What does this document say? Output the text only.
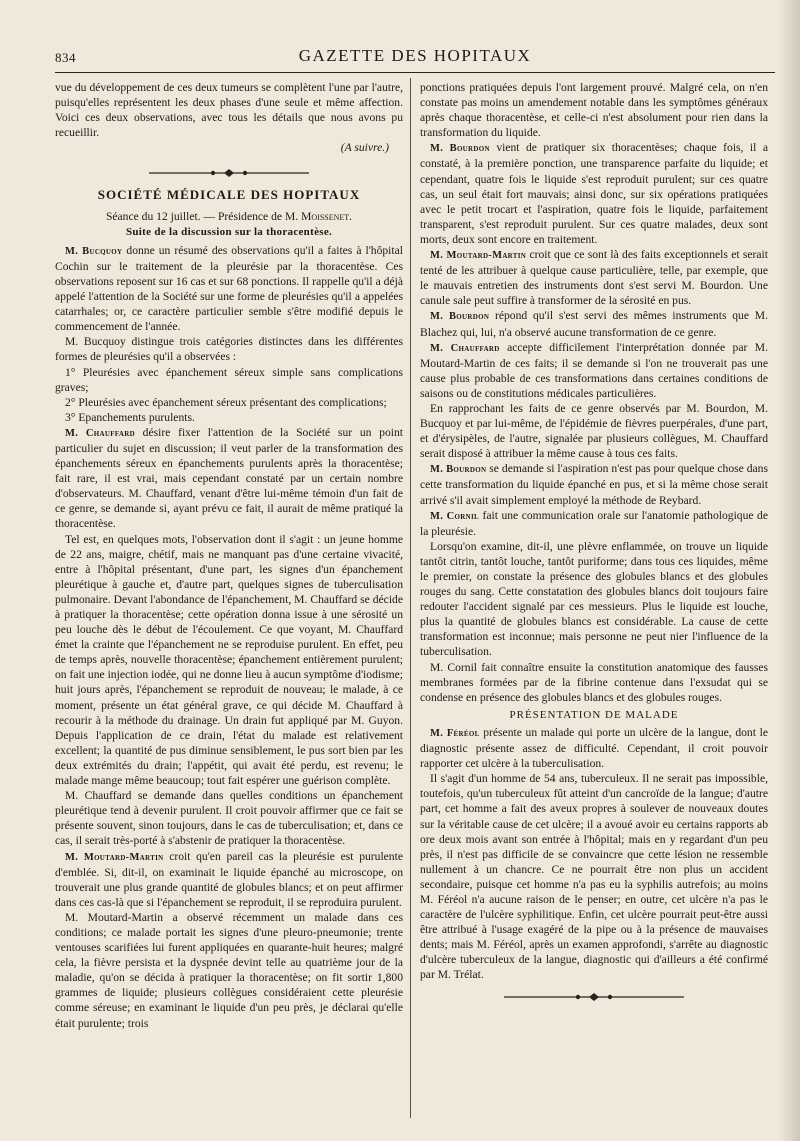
834	GAZETTE DES HOPITAUX

vue du développement de ces deux tumeurs se complètent l'une par l'autre, puisqu'elles représentent les deux phases d'une seule et même affection. Voici ces deux observations, avec tous les détails que nous avons pu recueillir.

(A suivre.)

SOCIÉTÉ MÉDICALE DES HOPITAUX

Séance du 12 juillet. — Présidence de M. Moissenet.

Suite de la discussion sur la thoracentèse.

M. Bucquoy donne un résumé des observations qu'il a faites à l'hôpital Cochin sur le traitement de la pleurésie par la thoracentèse. Ces observations reposent sur 16 cas et sur 68 ponctions. Il rappelle qu'il a déjà appelé l'attention de la Société sur une forme de pleurésies qu'il a appelées catarrhales; or, ce caractère particulier semble s'être modifié depuis le commencement de l'année.

M. Bucquoy distingue trois catégories distinctes dans les différentes formes de pleurésies qu'il a observées :

1° Pleurésies avec épanchement séreux simple sans complications graves;

2° Pleurésies avec épanchement séreux présentant des complications;

3° Epanchements purulents.

M. Chauffard désire fixer l'attention de la Société sur un point particulier du sujet en discussion; il veut parler de la transformation des épanchements séreux en épanchements purulents après la thoracentèse; fait rare, il est vrai, mais cependant constaté par un certain nombre d'observateurs. M. Chauffard, venant d'être lui-même témoin d'un fait de ce genre, se demande si, ayant prévu ce fait, il aurait de même pratiqué la thoracentèse.

Tel est, en quelques mots, l'observation dont il s'agit : un jeune homme de 22 ans, maigre, chétif, mais ne manquant pas d'une certaine vivacité, entre à l'hôpital présentant, d'une part, les signes d'un épanchement pleurétique à gauche et, d'autre part, quelques signes de tuberculisation pulmonaire. Devant l'abondance de l'épanchement, M. Chauffard se décide à pratiquer la thoracentèse; cette opération donna issue à une sérosité un peu louche dès le début de l'écoulement. Ce que voyant, M. Chauffard émet la crainte que l'épanchement ne se reproduise purulent. En effet, peu de temps après, nouvelle thoracentèse; épanchement entièrement purulent; on fait une injection iodée, qui ne donne lieu à aucun symptôme d'iodisme; huit jours après, l'épanchement se reproduit de nouveau; le malade, à ce moment, présente un état général grave, ce qui décide M. Chauffard à recourir à la méthode du drainage. Un drain fut appliqué par M. Guyon. Depuis l'application de ce drain, l'état du malade est relativement excellent; la quantité de pus diminue sensiblement, le pus sort bien par les deux extrémités du drain; l'appétit, qui avait été perdu, est revenu; le malade mange même beaucoup; tout fait espérer une guérison complète.

M. Chauffard se demande dans quelles conditions un épanchement pleurétique tend à devenir purulent. Il croit pouvoir affirmer que ce fait se présente souvent, sinon toujours, dans le cas de tuberculisation; et, dans ce cas, il serait très-porté à s'abstenir de pratiquer la thoracentèse.

M. Moutard-Martin croit qu'en pareil cas la pleurésie est purulente d'emblée. Si, dit-il, on examinait le liquide épanché au microscope, on trouverait une plus grande quantité de globules blancs; et on peut affirmer dans ces cas-là que si l'épanchement se reproduit, il se reproduira purulent.

M. Moutard-Martin a observé récemment un malade dans ces conditions; ce malade portait les signes d'une pleuro-pneumonie; trente ventouses scarifiées lui furent appliquées en quarante-huit heures; malgré cela, la fièvre persista et la dyspnée devint telle au quatrième jour de la maladie, qu'on se décida à pratiquer la thoracentèse; on fit sortir 1,800 grammes de liquide; plusieurs collègues considéraient cette pleurésie comme séreuse; en examinant le liquide d'un peu près, je déclarai qu'elle était purulente; trois

ponctions pratiquées depuis l'ont largement prouvé. Malgré cela, on n'en constate pas moins un amendement notable dans les symptômes généraux après chaque thoracentèse, et celle-ci n'est absolument pour rien dans la transformation du liquide.

M. Bourdon vient de pratiquer six thoracentèses; chaque fois, il a constaté, à la première ponction, une transparence parfaite du liquide; et cependant, quatre fois le liquide s'est reproduit purulent; sur ces quatre cas, un seul était fort mauvais; ainsi donc, sur six opérations pratiquées avec le petit trocart et l'aspiration, quatre fois le liquide, parfaitement transparent, s'est reproduit purulent. Sur ces quatre malades, deux sont morts, deux sont encore en traitement.

M. Moutard-Martin croit que ce sont là des faits exceptionnels et serait tenté de les attribuer à quelque cause particulière, telle, par exemple, que le mauvais entretien des instruments dont s'est servi M. Bourdon. Une canule sale peut suffire à transformer de la sérosité en pus.

M. Bourdon répond qu'il s'est servi des mêmes instruments que M. Blachez qui, lui, n'a observé aucune transformation de ce genre.

M. Chauffard accepte difficilement l'interprétation donnée par M. Moutard-Martin de ces faits; il se demande si l'on ne trouverait pas une cause plus probable de ces transformations dans certaines conditions de saisons ou de constitutions médicales particulières.

En rapprochant les faits de ce genre observés par M. Bourdon, M. Bucquoy et par lui-même, de l'épidémie de fièvres puerpérales, d'une part, et d'érysipèles, de l'autre, signalée par plusieurs collègues, M. Chauffard serait disposé à attribuer la même cause à tous ces faits.

M. Bourdon se demande si l'aspiration n'est pas pour quelque chose dans cette transformation du liquide épanché en pus, et si la même chose serait arrivé s'il avait simplement employé la méthode de Reybard.

M. Cornil fait une communication orale sur l'anatomie pathologique de la pleurésie.

Lorsqu'on examine, dit-il, une plèvre enflammée, on trouve un liquide tantôt citrin, tantôt louche, tantôt puriforme; dans tous ces liquides, même le premier, on constate la présence des globules blancs et des globules rouges du sang. Cette constatation des globules blancs doit toujours faire redouter l'accident signalé par ces messieurs. Plus le liquide est louche, plus la quantité de globules blancs est considérable. La cause de cette transformation est inconnue; mais personne ne peut nier l'influence de la tuberculisation.

M. Cornil fait connaître ensuite la constitution anatomique des fausses membranes formées par de la fibrine contenue dans l'exsudat qui se condense en présence des globules blancs et des globules rouges.

PRÉSENTATION DE MALADE

M. Féréol présente un malade qui porte un ulcère de la langue, dont le diagnostic présente assez de difficulté. Cependant, il croit pouvoir rapporter cet ulcère à la tuberculisation.

Il s'agit d'un homme de 54 ans, tuberculeux. Il ne serait pas impossible, toutefois, qu'un tuberculeux fût atteint d'un cancroïde de la langue; d'autre part, cet homme a fait des aveux propres à soulever de nouveaux doutes sur la véritable cause de cet ulcère; il a avoué avoir eu certains rapports ab ore deux mois avant son entrée à l'hôpital; mais en y regardant d'un peu près, il n'est pas difficile de se convaincre que cette lésion ne ressemble nullement à un chancre. Ce ne pourrait être non plus un accident secondaire, puisque cet homme n'a pas eu la syphilis autrefois; au moins M. Féréol n'a aucune raison de le penser; en outre, cet ulcère n'a pas le caractère de l'ulcère syphilitique. Enfin, cet ulcère pourrait peut-être aussi être attribué à l'usage exagéré de la pipe ou à la présence de mauvaises dents; mais M. Féréol, après un examen approfondi, s'arrête au diagnostic d'ulcère tuberculeux de la langue, diagnostic qui d'ailleurs a été confirmé par M. Trélat.
